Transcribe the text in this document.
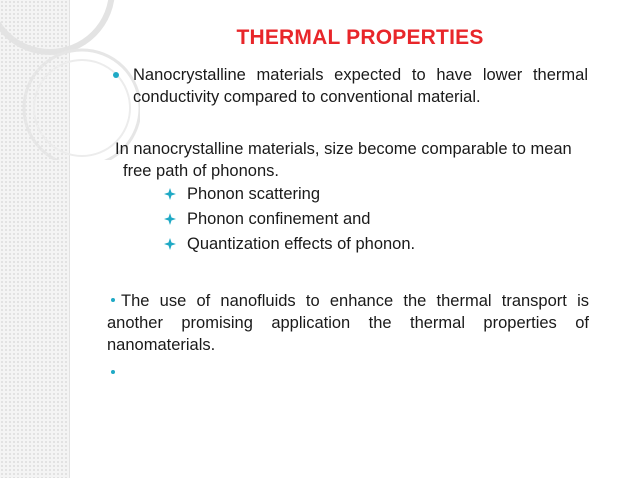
THERMAL PROPERTIES
Nanocrystalline materials expected to have lower thermal
conductivity compared to conventional material.
In nanocrystalline materials, size become comparable to mean
free path of phonons.
Phonon scattering
Phonon confinement and
Quantization effects of phonon.
The use of nanofluids to enhance the thermal transport is
another promising application the thermal properties of
nanomaterials.
